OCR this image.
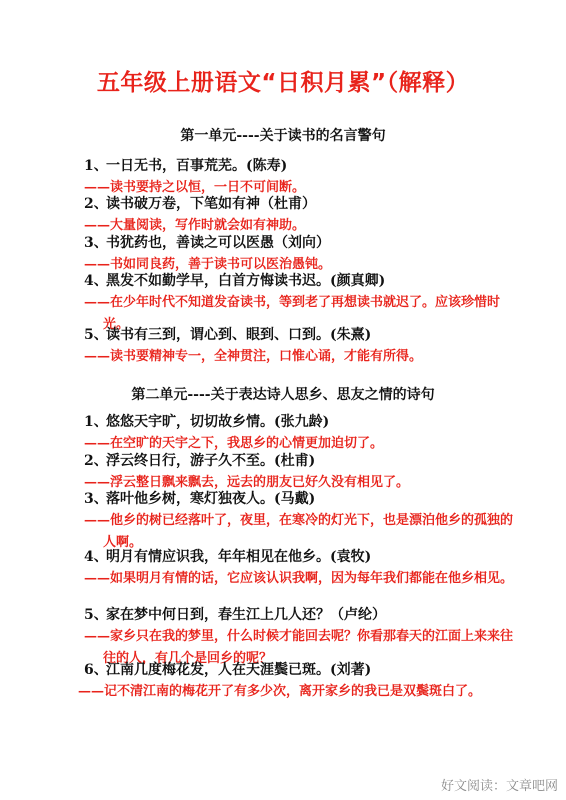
五年级上册语文“日积月累”（解释）
第一单元----关于读书的名言警句
1、一日无书，百事荒芜。(陈寿)
——读书要持之以恒，一日不可间断。
2、读书破万卷，下笔如有神（杜甫）
——大量阅读，写作时就会如有神助。
3、书犹药也，善读之可以医愚（刘向）
——书如同良药，善于读书可以医治愚钝。
4、黑发不如勤学早，白首方悔读书迟。(颜真卿)
——在少年时代不知道发奋读书，等到老了再想读书就迟了。应该珍惜时光。
5、读书有三到，谓心到、眼到、口到。(朱熹)
——读书要精神专一，全神贯注，口惟心诵，才能有所得。
第二单元----关于表达诗人思乡、思友之情的诗句
1、悠悠天宇旷，切切故乡情。(张九龄)
——在空旷的天宇之下，我思乡的心情更加迫切了。
2、浮云终日行，游子久不至。(杜甫)
——浮云整日飘来飘去，远去的朋友已好久没有相见了。
3、落叶他乡树，寒灯独夜人。(马戴)
——他乡的树已经落叶了，夜里，在寒冷的灯光下，也是漂泊他乡的孤独的人啊。
4、明月有情应识我，年年相见在他乡。(袁牧)
——如果明月有情的话，它应该认识我啊，因为每年我们都能在他乡相见。
5、家在梦中何日到，春生江上几人还？（卢纶）
——家乡只在我的梦里，什么时候才能回去呢？你看那春天的江面上来来往往的人，有几个是回乡的呢？
6、江南几度梅花发，人在天涯鬓已斑。(刘著)
——记不清江南的梅花开了有多少次，离开家乡的我已是双鬓斑白了。
好文阅读：文章吧网
